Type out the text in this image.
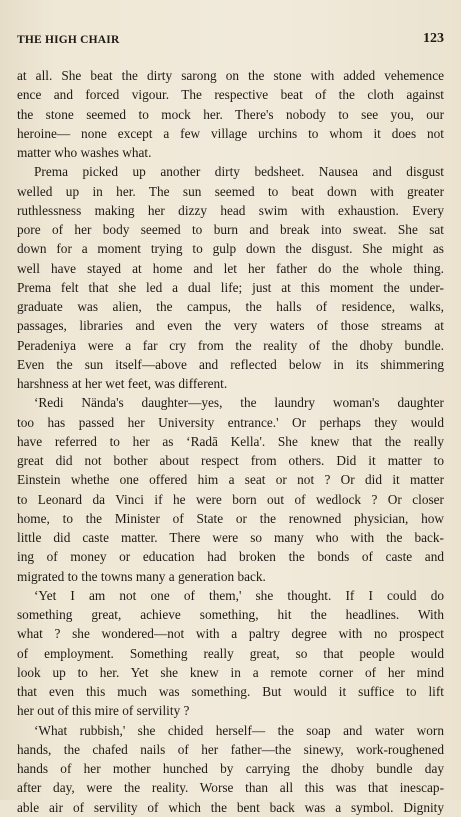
THE HIGH CHAIR	123
at all. She beat the dirty sarong on the stone with added vehemence
ence and forced vigour. The respective beat of the cloth against
the stone seemed to mock her. There's nobody to see you, our
heroine— none except a few village urchins to whom it does not
matter who washes what.
Prema picked up another dirty bedsheet. Nausea and disgust
welled up in her. The sun seemed to beat down with greater
ruthlessness making her dizzy head swim with exhaustion. Every
pore of her body seemed to burn and break into sweat. She sat
down for a moment trying to gulp down the disgust. She might as
well have stayed at home and let her father do the whole thing.
Prema felt that she led a dual life; just at this moment the under-
graduate was alien, the campus, the halls of residence, walks,
passages, libraries and even the very waters of those streams at
Peradeniya were a far cry from the reality of the dhoby bundle.
Even the sun itself—above and reflected below in its shimmering
harshness at her wet feet, was different.
‘Redi Nända's daughter—yes, the laundry woman's daughter
too has passed her University entrance.' Or perhaps they would
have referred to her as ‘Radā Kella'. She knew that the really
great did not bother about respect from others. Did it matter to
Einstein whethe one offered him a seat or not ? Or did it matter
to Leonard da Vinci if he were born out of wedlock ? Or closer
home, to the Minister of State or the renowned physician, how
little did caste matter. There were so many who with the back-
ing of money or education had broken the bonds of caste and
migrated to the towns many a generation back.
‘Yet I am not one of them,' she thought. If I could do
something great, achieve something, hit the headlines. With
what ? she wondered—not with a paltry degree with no prospect
of employment. Something really great, so that people would
look up to her. Yet she knew in a remote corner of her mind
that even this much was something. But would it suffice to lift
her out of this mire of servility ?
‘What rubbish,' she chided herself— the soap and water worn
hands, the chafed nails of her father—the sinewy, work-roughened
hands of her mother hunched by carrying the dhoby bundle day
after day, were the reality. Worse than all this was that inescap-
able air of servility of which the bent back was a symbol. Dignity
